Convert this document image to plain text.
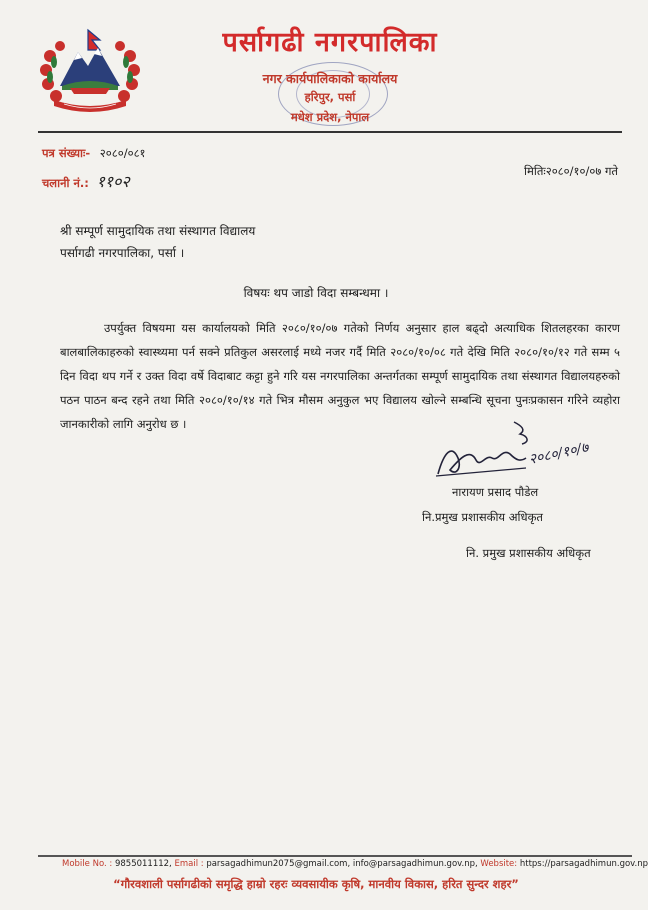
पर्सागढी नगरपालिका
नगर कार्यपालिकाको कार्यालय
हरिपुर, पर्सा
मधेश प्रदेश, नेपाल
पत्र संख्याः- २०८०/०८१
चलानी नं.: ११०२
मितिः२०८०/१०/०७ गते
श्री सम्पूर्ण सामुदायिक तथा संस्थागत विद्यालय
पर्सागढी नगरपालिका, पर्सा ।
विषयः थप जाडो विदा सम्बन्धमा ।
उपर्युक्त विषयमा यस कार्यालयको मिति २०८०/१०/०७ गतेको निर्णय अनुसार हाल बढ्दो अत्याधिक शितलहरका कारण बालबालिकाहरुको स्वास्थ्यमा पर्न सक्ने प्रतिकुल असरलाई मध्ये नजर गर्दै मिति २०८०/१०/०८ गते देखि मिति २०८०/१०/१२ गते सम्म ५ दिन विदा थप गर्ने र उक्त विदा वर्षे विदाबाट कट्टा हुने गरि यस नगरपालिका अन्तर्गतका सम्पूर्ण सामुदायिक तथा संस्थागत विद्यालयहरुको पठन पाठन बन्द रहने तथा मिति २०८०/१०/१४ गते भित्र मौसम अनुकुल भए विद्यालय खोल्ने सम्बन्धि सूचना पुनःप्रकासन गरिने व्यहोरा जानकारीको लागि अनुरोध छ ।
२०८०/१०/७
नारायण प्रसाद पौडेल
नि.प्रमुख प्रशासकीय अधिकृत
नि. प्रमुख प्रशासकीय अधिकृत
Mobile No. : 9855011112, Email : parsagadhimun2075@gmail.com, info@parsagadhimun.gov.np, Website: https://parsagadhimun.gov.np
“गौरवशाली पर्सागढीको समृद्धि हाम्रो रहरः व्यवसायीक कृषि, मानवीय विकास, हरित सुन्दर शहर”
